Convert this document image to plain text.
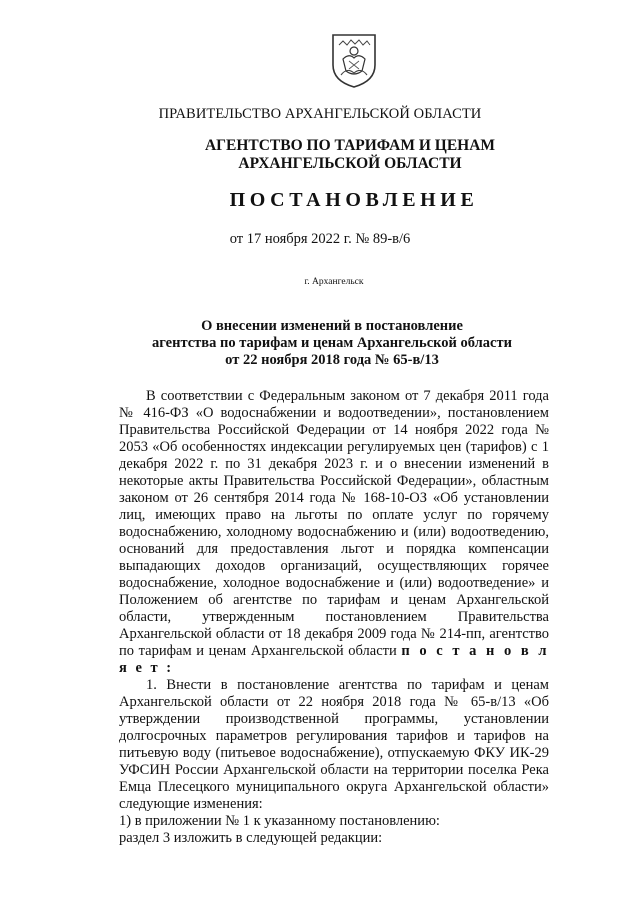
ПРАВИТЕЛЬСТВО АРХАНГЕЛЬСКОЙ ОБЛАСТИ
АГЕНТСТВО ПО ТАРИФАМ И ЦЕНАМ
АРХАНГЕЛЬСКОЙ ОБЛАСТИ
ПОСТАНОВЛЕНИЕ
от 17 ноября 2022 г. № 89-в/6
г. Архангельск
О внесении изменений в постановление
агентства по тарифам и ценам Архангельской области
от 22 ноября 2018 года № 65-в/13

В соответствии с Федеральным законом от 7 декабря 2011 года № 416-ФЗ «О водоснабжении и водоотведении», постановлением Правительства Российской Федерации от 14 ноября 2022 года № 2053 «Об особенностях индексации регулируемых цен (тарифов) с 1 декабря 2022 г. по 31 декабря 2023 г. и о внесении изменений в некоторые акты Правительства Российской Федерации», областным законом от 26 сентября 2014 года № 168-10-ОЗ «Об установлении лиц, имеющих право на льготы по оплате услуг по горячему водоснабжению, холодному водоснабжению и (или) водоотведению, оснований для предоставления льгот и порядка компенсации выпадающих доходов организаций, осуществляющих горячее водоснабжение, холодное водоснабжение и (или) водоотведение» и Положением об агентстве по тарифам и ценам Архангельской области, утвержденным постановлением Правительства Архангельской области от 18 декабря 2009 года № 214-пп, агентство по тарифам и ценам Архангельской области п о с т а н о в л я е т :

1. Внести в постановление агентства по тарифам и ценам Архангельской области от 22 ноября 2018 года № 65-в/13 «Об утверждении производственной программы, установлении долгосрочных параметров регулирования тарифов и тарифов на питьевую воду (питьевое водоснабжение), отпускаемую ФКУ ИК-29 УФСИН России Архангельской области на территории поселка Река Емца Плесецкого муниципального округа Архангельской области» следующие изменения:

1) в приложении № 1 к указанному постановлению:

раздел 3 изложить в следующей редакции:
